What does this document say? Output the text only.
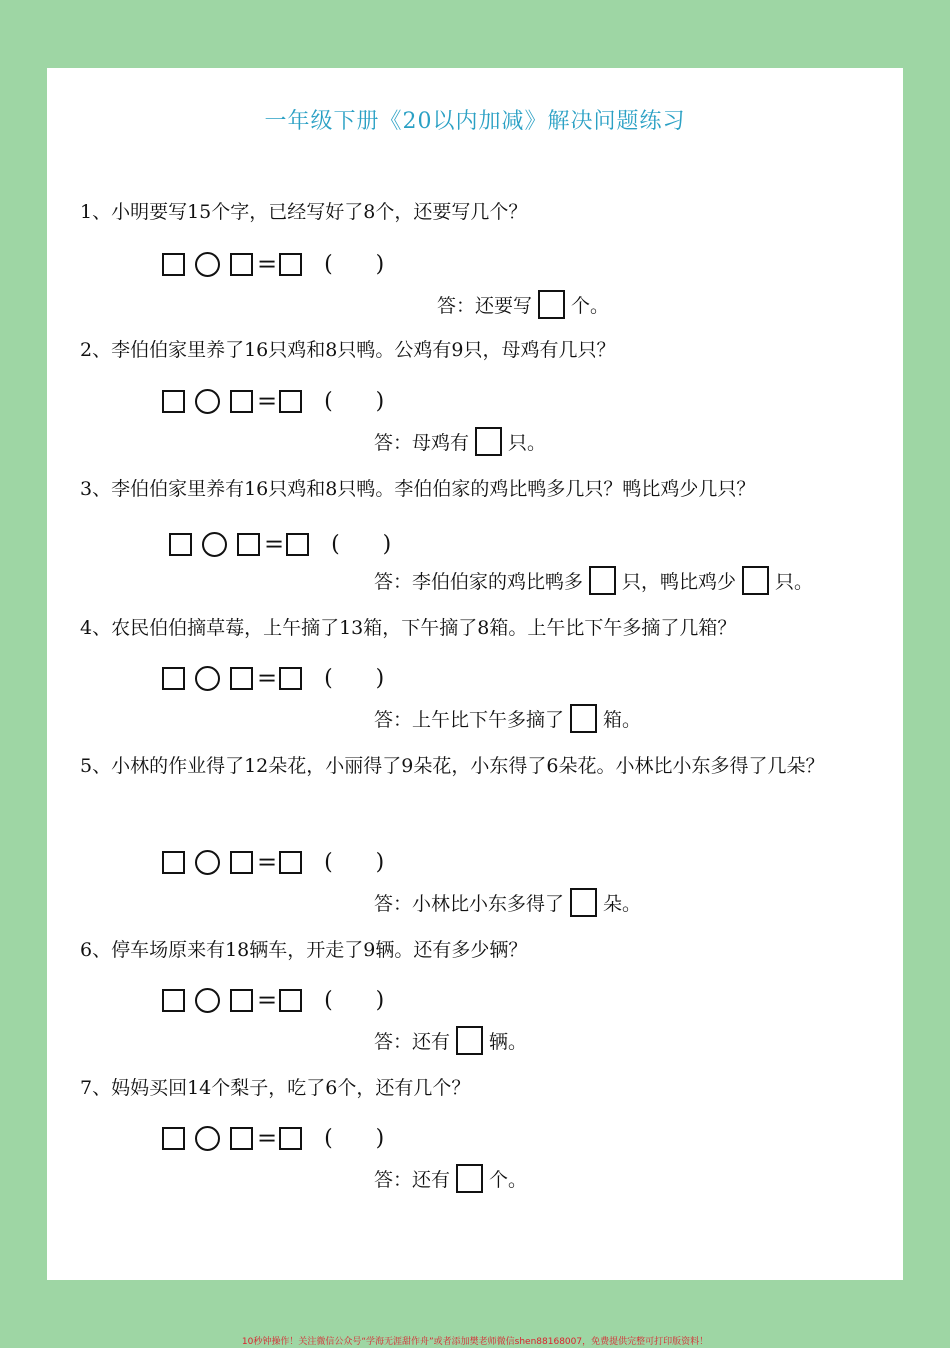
一年级下册《20以内加减》解决问题练习
1、小明要写15个字，已经写好了8个，还要写几个？
= ( )
答：还要写 个。
2、李伯伯家里养了16只鸡和8只鸭。公鸡有9只，母鸡有几只？
= ( )
答：母鸡有 只。
3、李伯伯家里养有16只鸡和8只鸭。李伯伯家的鸡比鸭多几只？鸭比鸡少几只？
= ( )
答：李伯伯家的鸡比鸭多 只，鸭比鸡少 只。
4、农民伯伯摘草莓，上午摘了13箱，下午摘了8箱。上午比下午多摘了几箱？
= ( )
答：上午比下午多摘了 箱。
5、小林的作业得了12朵花，小丽得了9朵花，小东得了6朵花。小林比小东多得了几朵？
= ( )
答：小林比小东多得了 朵。
6、停车场原来有18辆车，开走了9辆。还有多少辆？
= ( )
答：还有 辆。
7、妈妈买回14个梨子，吃了6个，还有几个？
= ( )
答：还有 个。
10秒钟操作！关注微信公众号“学海无涯甜作舟”或者添加樊老师微信shen88168007，免费提供完整可打印版资料！
